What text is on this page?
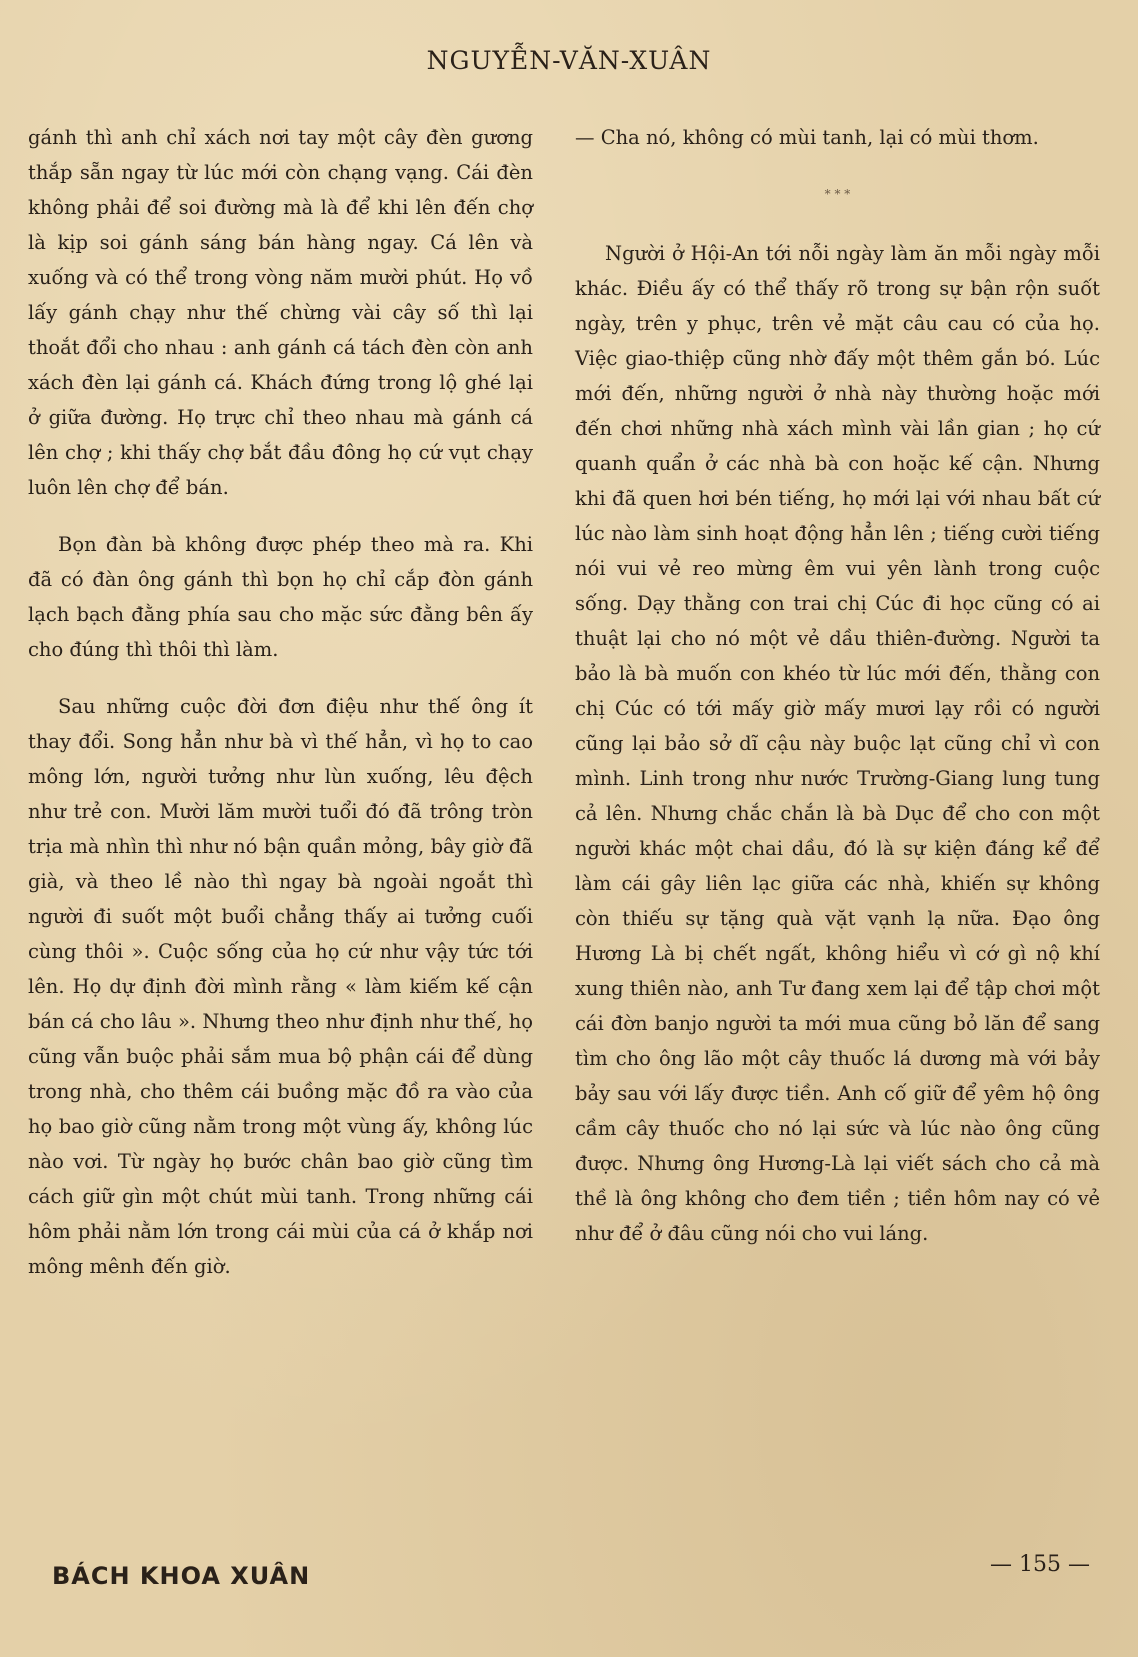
NGUYỄN-VĂN-XUÂN

gánh thì anh chỉ xách nơi tay một cây đèn gương thắp sẵn ngay từ lúc mới còn chạng vạng. Cái đèn không phải để soi đường mà là để khi lên đến chợ là kịp soi gánh sáng bán hàng ngay. Cá lên và xuống và có thể trong vòng năm mười phút. Họ vồ lấy gánh chạy như thế chừng vài cây số thì lại thoắt đổi cho nhau : anh gánh cá tách đèn còn anh xách đèn lại gánh cá. Khách đứng trong lộ ghé lại ở giữa đường. Họ trực chỉ theo nhau mà gánh cá lên chợ ; khi thấy chợ bắt đầu đông họ cứ vụt chạy luôn lên chợ để bán.

Bọn đàn bà không được phép theo mà ra. Khi đã có đàn ông gánh thì bọn họ chỉ cắp đòn gánh lạch bạch đằng phía sau cho mặc sức đằng bên ấy cho đúng thì thôi thì làm.

Sau những cuộc đời đơn điệu như thế ông ít thay đổi. Song hẳn như bà vì thế hẳn, vì họ to cao mông lớn, người tưởng như lùn xuống, lêu đệch như trẻ con. Mười lăm mười tuổi đó đã trông tròn trịa mà nhìn thì như nó bận quần mỏng, bây giờ đã già, và theo lề nào thì ngay bà ngoài ngoắt thì người đi suốt một buổi chẳng thấy ai tưởng cuối cùng thôi ». Cuộc sống của họ cứ như vậy tức tới lên. Họ dự định đời mình rằng « làm kiếm kế cận bán cá cho lâu ». Nhưng theo như định như thế, họ cũng vẫn buộc phải sắm mua bộ phận cái để dùng trong nhà, cho thêm cái buồng mặc đồ ra vào của họ bao giờ cũng nằm trong một vùng ấy, không lúc nào vơi. Từ ngày họ bước chân bao giờ cũng tìm cách giữ gìn một chút mùi tanh. Trong những cái hôm phải nằm lớn trong cái mùi của cá ở khắp nơi mông mênh đến giờ.

— Cha nó, không có mùi tanh, lại có mùi thơm.

* * *

Người ở Hội-An tới nỗi ngày làm ăn mỗi ngày mỗi khác. Điều ấy có thể thấy rõ trong sự bận rộn suốt ngày, trên y phục, trên vẻ mặt câu cau có của họ. Việc giao-thiệp cũng nhờ đấy một thêm gắn bó. Lúc mới đến, những người ở nhà này thường hoặc mới đến chơi những nhà xách mình vài lần gian ; họ cứ quanh quẩn ở các nhà bà con hoặc kế cận. Nhưng khi đã quen hơi bén tiếng, họ mới lại với nhau bất cứ lúc nào làm sinh hoạt động hẳn lên ; tiếng cười tiếng nói vui vẻ reo mừng êm vui yên lành trong cuộc sống. Dạy thằng con trai chị Cúc đi học cũng có ai thuật lại cho nó một vẻ dầu thiên-đường. Người ta bảo là bà muốn con khéo từ lúc mới đến, thằng con chị Cúc có tới mấy giờ mấy mươi lạy rồi có người cũng lại bảo sở dĩ cậu này buộc lạt cũng chỉ vì con mình. Linh trong như nước Trường-Giang lung tung cả lên. Nhưng chắc chắn là bà Dục để cho con một người khác một chai dầu, đó là sự kiện đáng kể để làm cái gây liên lạc giữa các nhà, khiến sự không còn thiếu sự tặng quà vặt vạnh lạ nữa. Đạo ông Hương Là bị chết ngất, không hiểu vì cớ gì nộ khí xung thiên nào, anh Tư đang xem lại để tập chơi một cái đờn banjo người ta mới mua cũng bỏ lăn để sang tìm cho ông lão một cây thuốc lá dương mà với bảy bảy sau với lấy được tiền. Anh cố giữ để yêm hộ ông cầm cây thuốc cho nó lại sức và lúc nào ông cũng được. Nhưng ông Hương-Là lại viết sách cho cả mà thề là ông không cho đem tiền ; tiền hôm nay có vẻ như để ở đâu cũng nói cho vui láng.

BÁCH KHOA XUÂN	— 155 —
